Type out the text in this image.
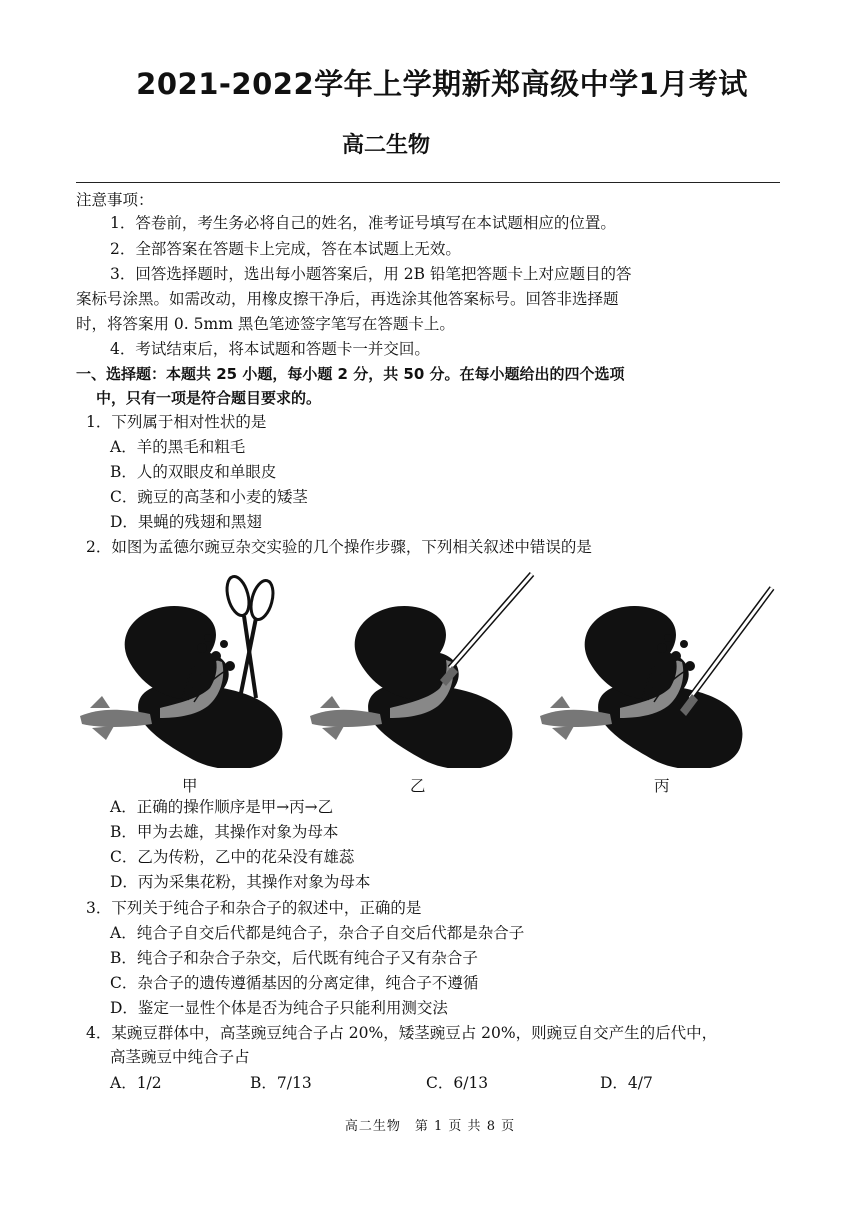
2021-2022学年上学期新郑高级中学1月考试
高二生物
注意事项：
1．答卷前，考生务必将自己的姓名，准考证号填写在本试题相应的位置。
2．全部答案在答题卡上完成，答在本试题上无效。
3．回答选择题时，选出每小题答案后，用 2B 铅笔把答题卡上对应题目的答
案标号涂黑。如需改动，用橡皮擦干净后，再选涂其他答案标号。回答非选择题
时，将答案用 0. 5mm 黑色笔迹签字笔写在答题卡上。
4．考试结束后，将本试题和答题卡一并交回。
一、选择题：本题共 25 小题，每小题 2 分，共 50 分。在每小题给出的四个选项
中，只有一项是符合题目要求的。
1．下列属于相对性状的是
A．羊的黑毛和粗毛
B．人的双眼皮和单眼皮
C．豌豆的高茎和小麦的矮茎
D．果蝇的残翅和黑翅
2．如图为孟德尔豌豆杂交实验的几个操作步骤，下列相关叙述中错误的是
甲	乙	丙
A．正确的操作顺序是甲→丙→乙
B．甲为去雄，其操作对象为母本
C．乙为传粉，乙中的花朵没有雄蕊
D．丙为采集花粉，其操作对象为母本
3．下列关于纯合子和杂合子的叙述中，正确的是
A．纯合子自交后代都是纯合子，杂合子自交后代都是杂合子
B．纯合子和杂合子杂交，后代既有纯合子又有杂合子
C．杂合子的遗传遵循基因的分离定律，纯合子不遵循
D．鉴定一显性个体是否为纯合子只能利用测交法
4．某豌豆群体中，高茎豌豆纯合子占 20%，矮茎豌豆占 20%，则豌豆自交产生的后代中，
高茎豌豆中纯合子占
A．1/2	B．7/13	C．6/13	D．4/7
高二生物　第 1 页 共 8 页
